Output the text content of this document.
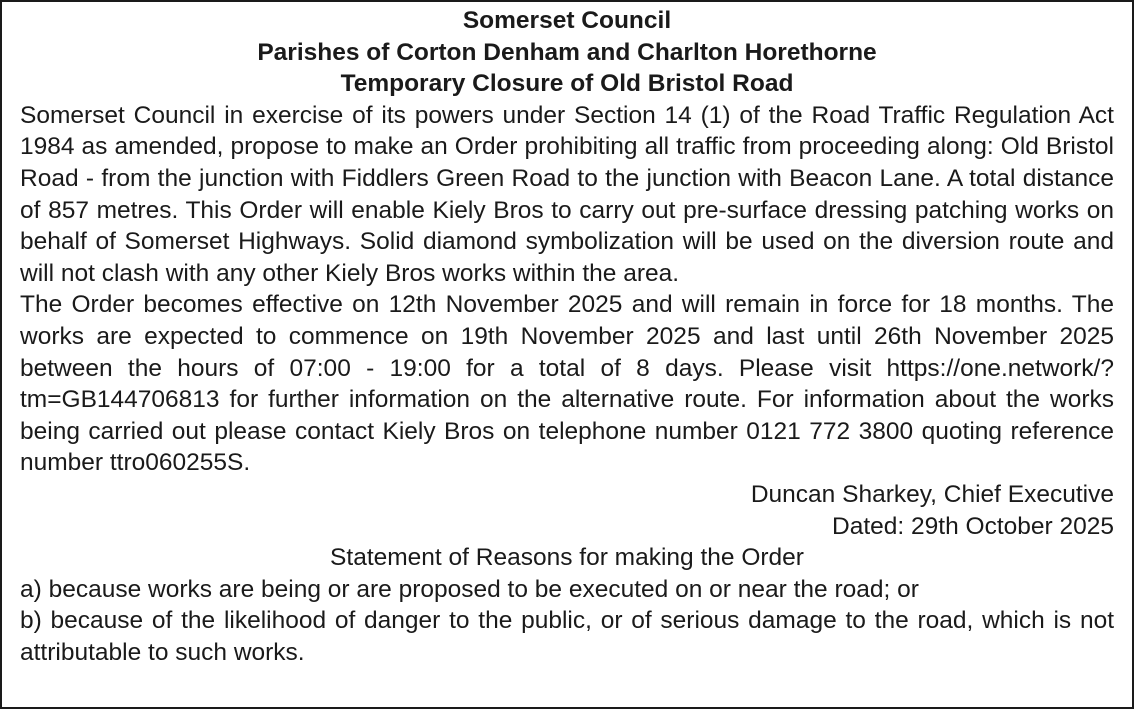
Somerset Council
Parishes of Corton Denham and Charlton Horethorne
Temporary Closure of Old Bristol Road

Somerset Council in exercise of its powers under Section 14 (1) of the Road Traffic Regulation Act 1984 as amended, propose to make an Order prohibiting all traffic from proceeding along: Old Bristol Road - from the junction with Fiddlers Green Road to the junction with Beacon Lane. A total distance of 857 metres. This Order will enable Kiely Bros to carry out pre-surface dressing patching works on behalf of Somerset Highways. Solid diamond symbolization will be used on the diversion route and will not clash with any other Kiely Bros works within the area.

The Order becomes effective on 12th November 2025 and will remain in force for 18 months. The works are expected to commence on 19th November 2025 and last until 26th November 2025 between the hours of 07:00 - 19:00 for a total of 8 days. Please visit https://one.network/?tm=GB144706813 for further information on the alternative route. For information about the works being carried out please contact Kiely Bros on telephone number 0121 772 3800 quoting reference number ttro060255S.

Duncan Sharkey, Chief Executive

Dated: 29th October 2025

Statement of Reasons for making the Order

a) because works are being or are proposed to be executed on or near the road; or

b) because of the likelihood of danger to the public, or of serious damage to the road, which is not attributable to such works.
